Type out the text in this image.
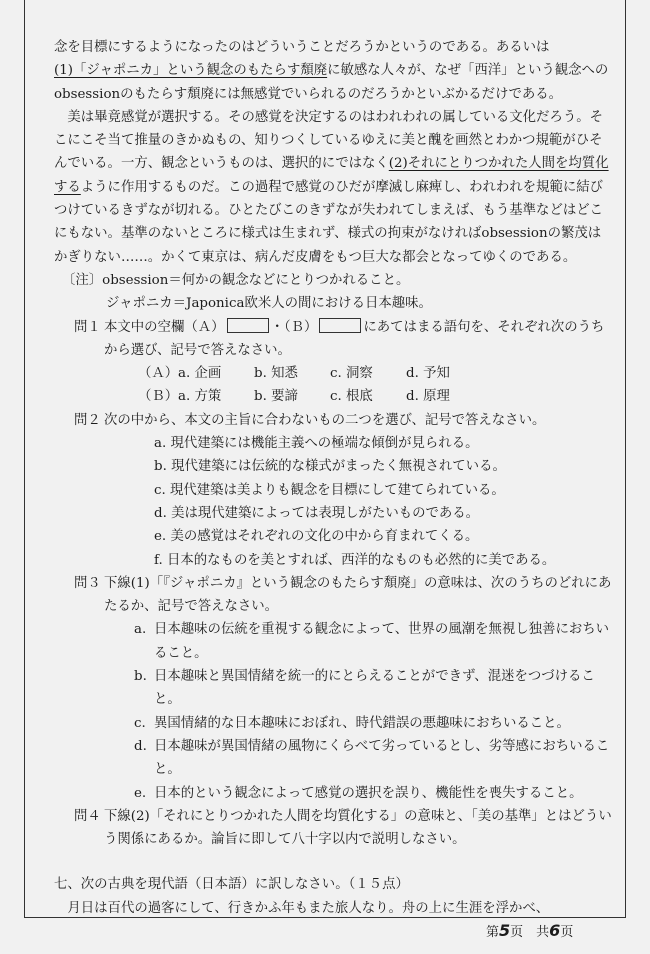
念を目標にするようになったのはどういうことだろうかというのである。あるいは
(1)「ジャポニカ」という観念のもたらす頽廃に敏感な人々が、なぜ「西洋」という観念へのobsessionのもたらす頽廃には無感覚でいられるのだろうかといぶかるだけである。

美は畢竟感覚が選択する。その感覚を決定するのはわれわれの属している文化だろう。そこにこそ当て推量のきかぬもの、知りつくしているゆえに美と醜を画然とわかつ規範がひそんでいる。一方、観念というものは、選択的にではなく(2)それにとりつかれた人間を均質化するように作用するものだ。この過程で感覚のひだが摩滅し麻痺し、われわれを規範に結びつけているきずなが切れる。ひとたびこのきずなが失われてしまえば、もう基準などはどこにもない。基準のないところに様式は生まれず、様式の拘束がなければobsessionの繁茂はかぎりない……。かくて東京は、病んだ皮膚をもつ巨大な都会となってゆくのである。

〔注〕obsession＝何かの観念などにとりつかれること。

ジャポニカ＝Japonica欧米人の間における日本趣味。

問１ 本文中の空欄（Ａ）	・（Ｂ）	にあてはまる語句を、それぞれ次のうちから選び、記号で答えなさい。
（Ａ）a. 企画 b. 知悉 c. 洞察 d. 予知
（Ｂ）a. 方策 b. 要諦 c. 根底 d. 原理
問２ 次の中から、本文の主旨に合わないもの二つを選び、記号で答えなさい。
a. 現代建築には機能主義への極端な傾倒が見られる。
b. 現代建築には伝統的な様式がまったく無視されている。
c. 現代建築は美よりも観念を目標にして建てられている。
d. 美は現代建築によっては表現しがたいものである。
e. 美の感覚はそれぞれの文化の中から育まれてくる。
f. 日本的なものを美とすれば、西洋的なものも必然的に美である。
問３ 下線(1)「『ジャポニカ』という観念のもたらす頽廃」の意味は、次のうちのどれにあたるか、記号で答えなさい。
a. 日本趣味の伝統を重視する観念によって、世界の風潮を無視し独善におちいること。
b. 日本趣味と異国情緒を統一的にとらえることができず、混迷をつづけること。
c. 異国情緒的な日本趣味におぼれ、時代錯誤の悪趣味におちいること。
d. 日本趣味が異国情緒の風物にくらべて劣っているとし、劣等感におちいること。
e. 日本的という観念によって感覚の選択を誤り、機能性を喪失すること。
問４ 下線(2)「それにとりつかれた人間を均質化する」の意味と、「美の基準」とはどういう関係にあるか。論旨に即して八十字以内で説明しなさい。

七、次の古典を現代語（日本語）に訳しなさい。（１５点）

月日は百代の過客にして、行きかふ年もまた旅人なり。舟の上に生涯を浮かべ、

第5页　共6页
